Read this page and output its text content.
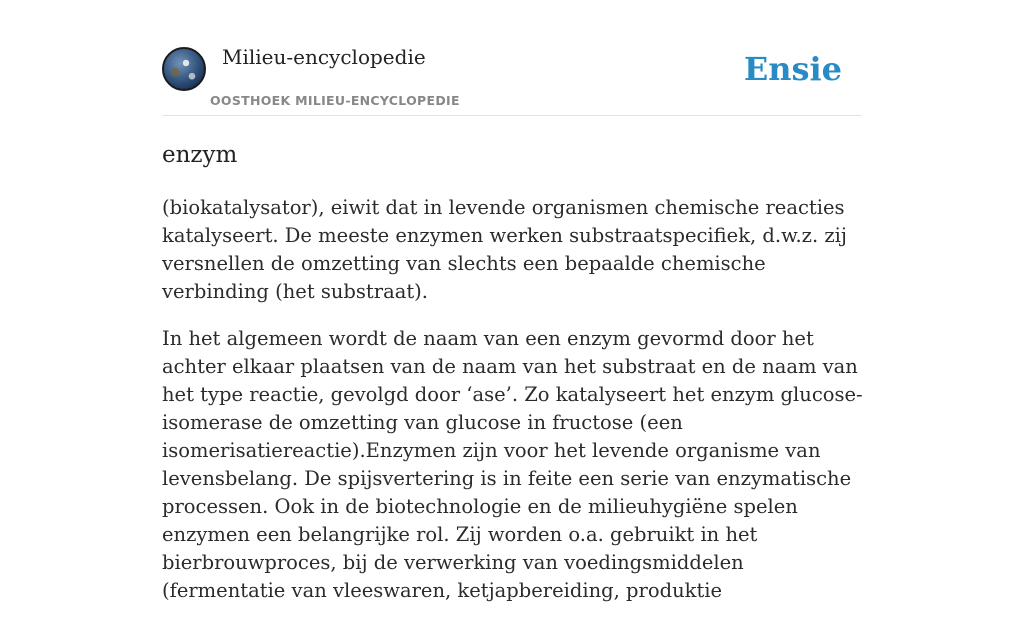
Milieu-encyclopedie
OOSTHOEK MILIEU-ENCYCLOPEDIE
Ensie
enzym

(biokatalysator), eiwit dat in levende organismen chemische reacties katalyseert. De meeste enzymen werken substraatspecifiek, d.w.z. zij versnellen de omzetting van slechts een bepaalde chemische verbinding (het substraat).

In het algemeen wordt de naam van een enzym gevormd door het achter elkaar plaatsen van de naam van het substraat en de naam van het type reactie, gevolgd door ‘ase’. Zo katalyseert het enzym glucose-isomerase de omzetting van glucose in fructose (een isomerisatiereactie).Enzymen zijn voor het levende organisme van levensbelang. De spijsvertering is in feite een serie van enzymatische processen. Ook in de biotechnologie en de milieuhygiëne spelen enzymen een belangrijke rol. Zij worden o.a. gebruikt in het bierbrouwproces, bij de verwerking van voedingsmiddelen (fermentatie van vleeswaren, ketjapbereiding, produktie
